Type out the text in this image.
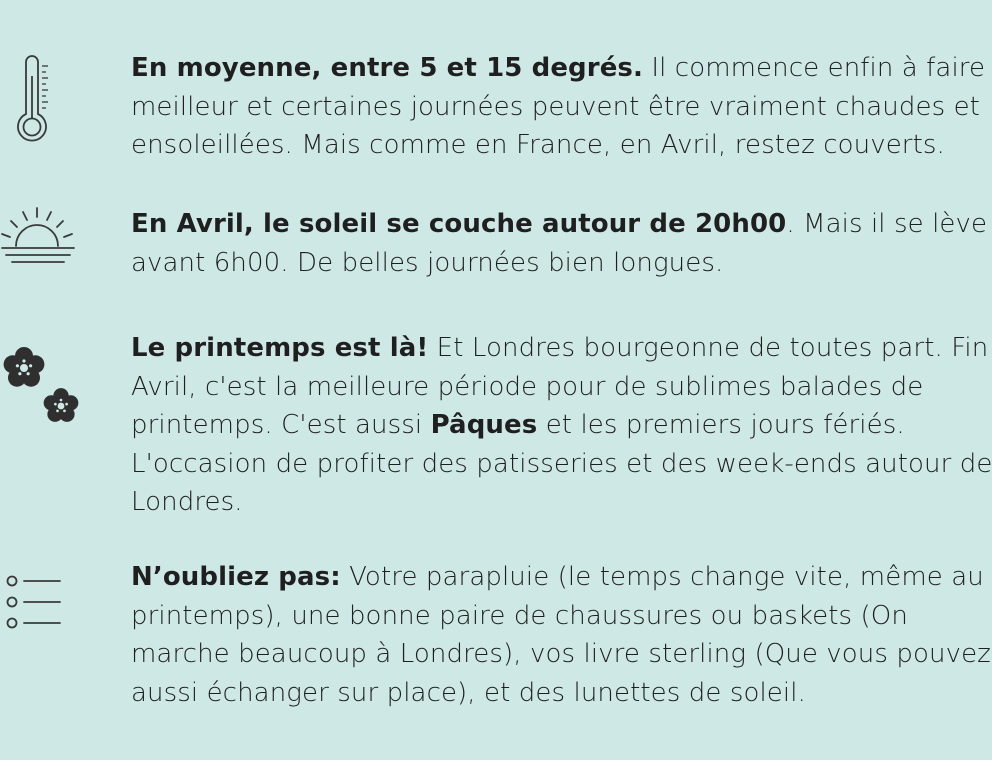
En moyenne, entre 5 et 15 degrés. Il commence enfin à faire
meilleur et certaines journées peuvent être vraiment chaudes et
ensoleillées. Mais comme en France, en Avril, restez couverts.

En Avril, le soleil se couche autour de 20h00. Mais il se lève
avant 6h00. De belles journées bien longues.

Le printemps est là! Et Londres bourgeonne de toutes part. Fin
Avril, c'est la meilleure période pour de sublimes balades de
printemps. C'est aussi Pâques et les premiers jours fériés.
L'occasion de profiter des patisseries et des week-ends autour de
Londres.

N’oubliez pas: Votre parapluie (le temps change vite, même au
printemps), une bonne paire de chaussures ou baskets (On
marche beaucoup à Londres), vos livre sterling (Que vous pouvez
aussi échanger sur place), et des lunettes de soleil.
